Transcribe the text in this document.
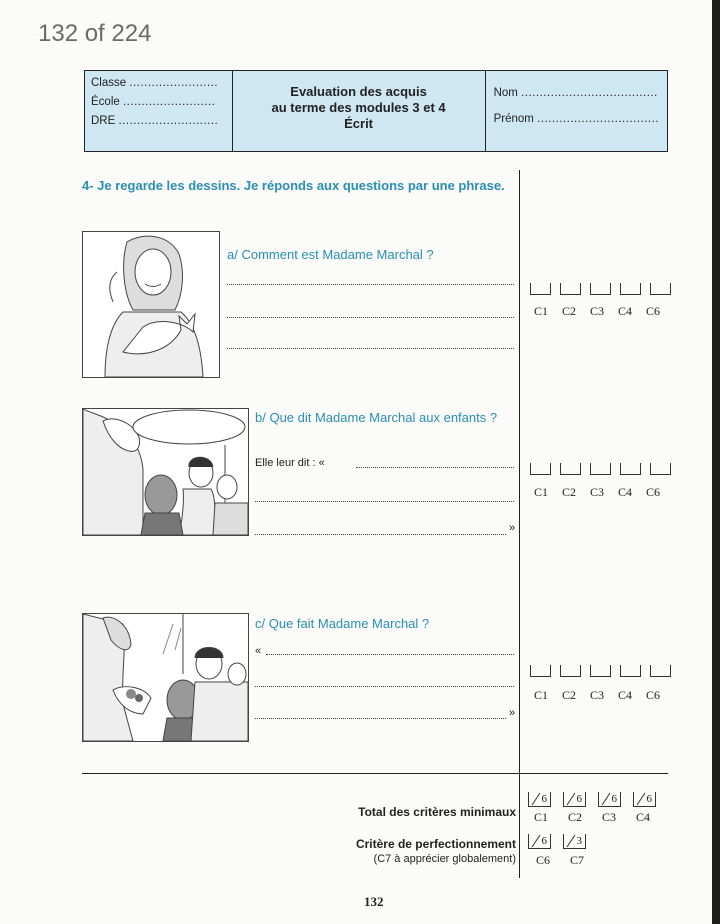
132 of 224
Classe ........................
École .........................
DRE ...........................
Evaluation des acquis
au terme des modules 3 et 4
Écrit
Nom .....................................
Prénom .................................
4- Je regarde les dessins. Je réponds aux questions par une phrase.
a/ Comment est Madame Marchal ?
C1	C2	C3	C4	C6
b/ Que dit Madame Marchal aux enfants ?
Elle leur dit : «
»
C1	C2	C3	C4	C6
c/ Que fait Madame Marchal ?
«
»
C1	C2	C3	C4	C6
Total des critères minimaux
6	6	6	6
C1	C2	C3	C4
Critère de perfectionnement
(C7 à apprécier globalement)
6	3
C6	C7
132
